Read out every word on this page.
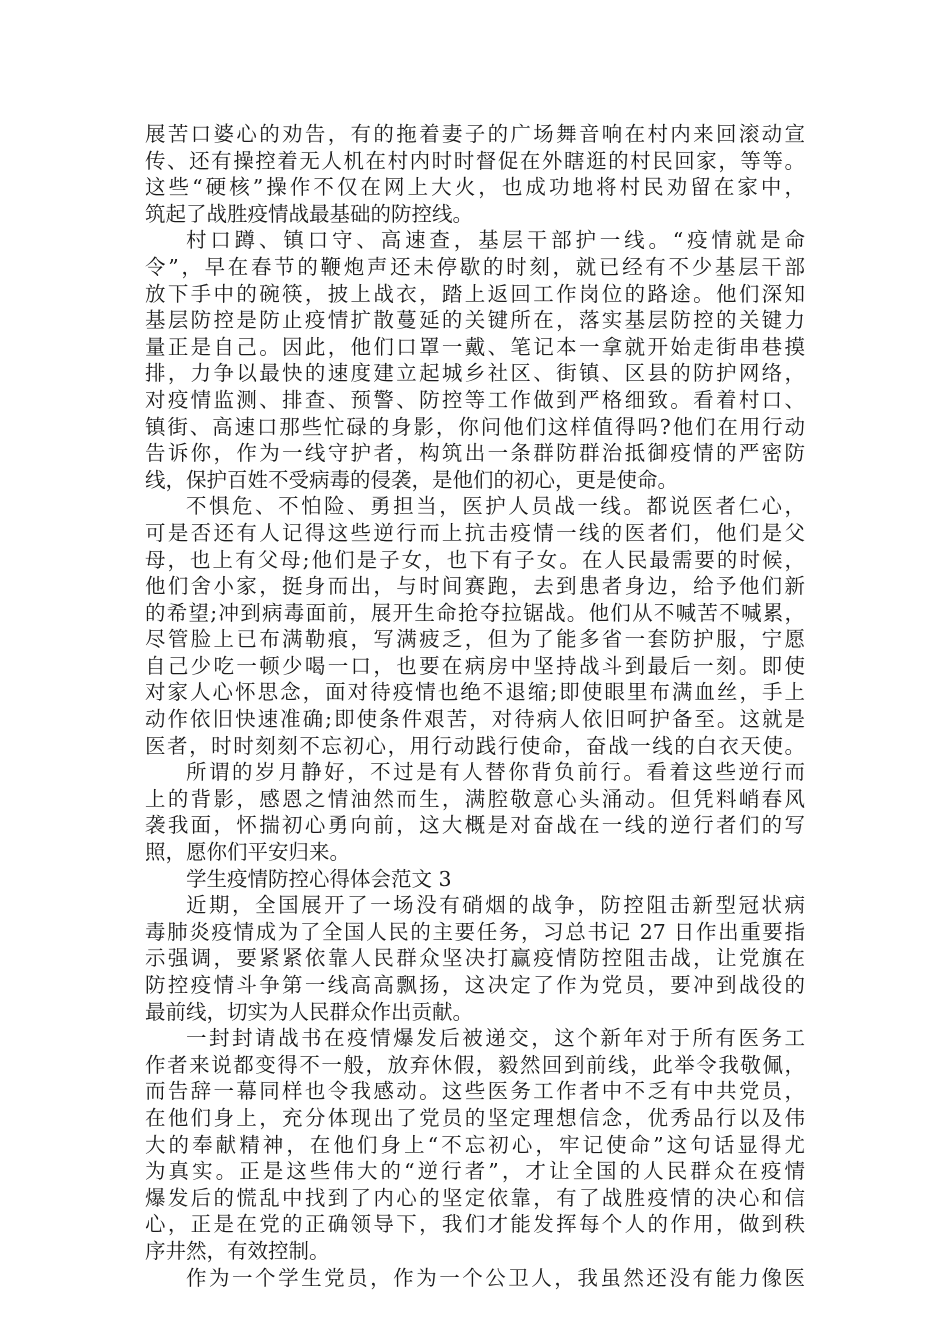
展苦口婆心的劝告，有的拖着妻子的广场舞音响在村内来回滚动宣
传、还有操控着无人机在村内时时督促在外瞎逛的村民回家，等等。
这些“硬核”操作不仅在网上大火，也成功地将村民劝留在家中，
筑起了战胜疫情战最基础的防控线。
村口蹲、镇口守、高速查，基层干部护一线。“疫情就是命
令”，早在春节的鞭炮声还未停歇的时刻，就已经有不少基层干部
放下手中的碗筷，披上战衣，踏上返回工作岗位的路途。他们深知
基层防控是防止疫情扩散蔓延的关键所在，落实基层防控的关键力
量正是自己。因此，他们口罩一戴、笔记本一拿就开始走街串巷摸
排，力争以最快的速度建立起城乡社区、街镇、区县的防护网络，
对疫情监测、排查、预警、防控等工作做到严格细致。看着村口、
镇街、高速口那些忙碌的身影，你问他们这样值得吗?他们在用行动
告诉你，作为一线守护者，构筑出一条群防群治抵御疫情的严密防
线，保护百姓不受病毒的侵袭，是他们的初心，更是使命。
不惧危、不怕险、勇担当，医护人员战一线。都说医者仁心，
可是否还有人记得这些逆行而上抗击疫情一线的医者们，他们是父
母，也上有父母;他们是子女，也下有子女。在人民最需要的时候，
他们舍小家，挺身而出，与时间赛跑，去到患者身边，给予他们新
的希望;冲到病毒面前，展开生命抢夺拉锯战。他们从不喊苦不喊累，
尽管脸上已布满勒痕，写满疲乏，但为了能多省一套防护服，宁愿
自己少吃一顿少喝一口，也要在病房中坚持战斗到最后一刻。即使
对家人心怀思念，面对待疫情也绝不退缩;即使眼里布满血丝，手上
动作依旧快速准确;即使条件艰苦，对待病人依旧呵护备至。这就是
医者，时时刻刻不忘初心，用行动践行使命，奋战一线的白衣天使。
所谓的岁月静好，不过是有人替你背负前行。看着这些逆行而
上的背影，感恩之情油然而生，满腔敬意心头涌动。但凭料峭春风
袭我面，怀揣初心勇向前，这大概是对奋战在一线的逆行者们的写
照，愿你们平安归来。
学生疫情防控心得体会范文 3
近期，全国展开了一场没有硝烟的战争，防控阻击新型冠状病
毒肺炎疫情成为了全国人民的主要任务，习总书记 27 日作出重要指
示强调，要紧紧依靠人民群众坚决打赢疫情防控阻击战，让党旗在
防控疫情斗争第一线高高飘扬，这决定了作为党员，要冲到战役的
最前线，切实为人民群众作出贡献。
一封封请战书在疫情爆发后被递交，这个新年对于所有医务工
作者来说都变得不一般，放弃休假，毅然回到前线，此举令我敬佩，
而告辞一幕同样也令我感动。这些医务工作者中不乏有中共党员，
在他们身上，充分体现出了党员的坚定理想信念，优秀品行以及伟
大的奉献精神，在他们身上“不忘初心，牢记使命”这句话显得尤
为真实。正是这些伟大的“逆行者”，才让全国的人民群众在疫情
爆发后的慌乱中找到了内心的坚定依靠，有了战胜疫情的决心和信
心，正是在党的正确领导下，我们才能发挥每个人的作用，做到秩
序井然，有效控制。
作为一个学生党员，作为一个公卫人，我虽然还没有能力像医
